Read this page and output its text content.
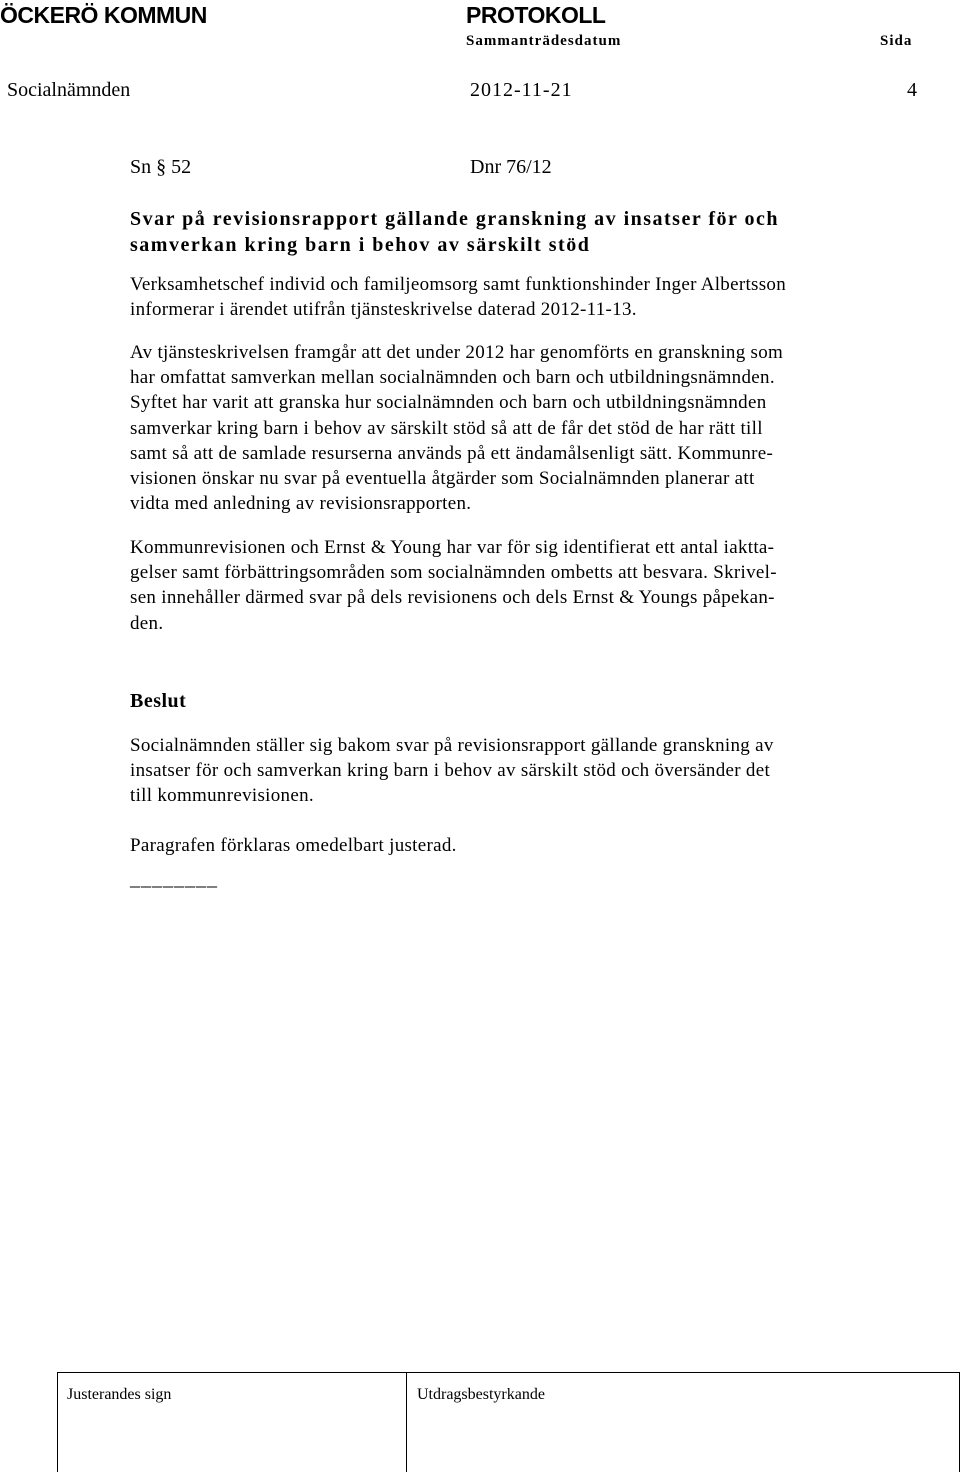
ÖCKERÖ KOMMUN	PROTOKOLL
Sammanträdesdatum	Sida
Socialnämnden	2012-11-21	4
Sn § 52	Dnr 76/12
Svar på revisionsrapport gällande granskning av insatser för och
samverkan kring barn i behov av särskilt stöd
Verksamhetschef individ och familjeomsorg samt funktionshinder Inger Albertsson
informerar i ärendet utifrån tjänsteskrivelse daterad 2012-11-13.
Av tjänsteskrivelsen framgår att det under 2012 har genomförts en granskning som
har omfattat samverkan mellan socialnämnden och barn och utbildningsnämnden.
Syftet har varit att granska hur socialnämnden och barn och utbildningsnämnden
samverkar kring barn i behov av särskilt stöd så att de får det stöd de har rätt till
samt så att de samlade resurserna används på ett ändamålsenligt sätt. Kommunre-
visionen önskar nu svar på eventuella åtgärder som Socialnämnden planerar att
vidta med anledning av revisionsrapporten.
Kommunrevisionen och Ernst & Young har var för sig identifierat ett antal iaktta-
gelser samt förbättringsområden som socialnämnden ombetts att besvara. Skrivel-
sen innehåller därmed svar på dels revisionens och dels Ernst & Youngs påpekan-
den.
Beslut
Socialnämnden ställer sig bakom svar på revisionsrapport gällande granskning av
insatser för och samverkan kring barn i behov av särskilt stöd och översänder det
till kommunrevisionen.
Paragrafen förklaras omedelbart justerad.
________
Justerandes sign	Utdragsbestyrkande
